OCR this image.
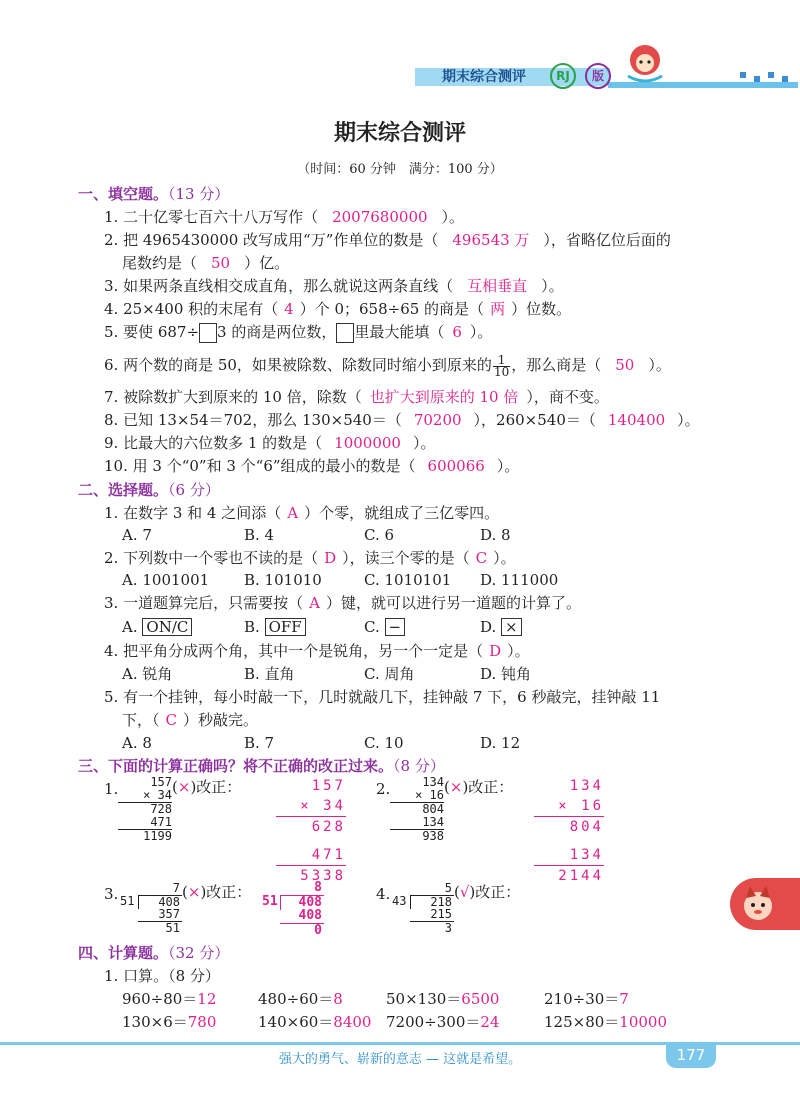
期末综合测评	RJ	版
期末综合测评
（时间：60 分钟　满分：100 分）
一、填空题。（13 分）
1. 二十亿零七百六十八万写作（ 2007680000 ）。
2. 把 4965430000 改写成用“万”作单位的数是（ 496543 万 ），省略亿位后面的
尾数约是（ 50 ）亿。
3. 如果两条直线相交成直角，那么就说这两条直线（ 互相垂直 ）。
4. 25×400 积的末尾有（ 4 ）个 0；658÷65 的商是（ 两 ）位数。
5. 要使 687÷ 3 的商是两位数， 里最大能填（ 6 ）。
6. 两个数的商是 50，如果被除数、除数同时缩小到原来的 $\frac{1}{10}$ ，那么商是（ 50 ）。
7. 被除数扩大到原来的 10 倍，除数（ 也扩大到原来的 10 倍 ），商不变。
8. 已知 13×54＝702，那么 130×540＝（ 70200 ），260×540＝（ 140400 ）。
9. 比最大的六位数多 1 的数是（ 1000000 ）。
10. 用 3 个“0”和 3 个“6”组成的最小的数是（ 600066 ）。
二、选择题。（6 分）
1. 在数字 3 和 4 之间添（ A ）个零，就组成了三亿零四。
A. 7	B. 4	C. 6	D. 8
2. 下列数中一个零也不读的是（ D ），读三个零的是（ C ）。
A. 1001001 B. 101010	C. 1010101 D. 111000
3. 一道题算完后，只需要按（ A ）键，就可以进行另一道题的计算了。
A. ON/C	B. OFF	C. −	D. ×
4. 把平角分成两个角，其中一个是锐角，另一个一定是（ D ）。
A. 锐角	B. 直角	C. 周角	D. 钝角
5. 有一个挂钟，每小时敲一下，几时就敲几下，挂钟敲 7 下，6 秒敲完，挂钟敲 11
下，（ C ）秒敲完。
A. 8	B. 7	C. 10	D. 12
三、下面的计算正确吗？将不正确的改正过来。（8 分）
1.	157
× 34
728
471
1199
(×)改正：	157
× 34
628
471
5338
2.	134
× 16
804
134
938
(×)改正：	134
× 16
804
134
2144
3.	7
51	408
357
51
(×)改正：	8
51	408
408
0
4.	5
43	218
215
3
(√)改正：
四、计算题。（32 分）
1. 口算。（8 分）
960÷80＝12	480÷60＝8	50×130＝6500	210÷30＝7
130×6＝780	140×60＝8400 7200÷300＝24	125×80＝10000
强大的勇气、崭新的意志 — 这就是希望。	177
